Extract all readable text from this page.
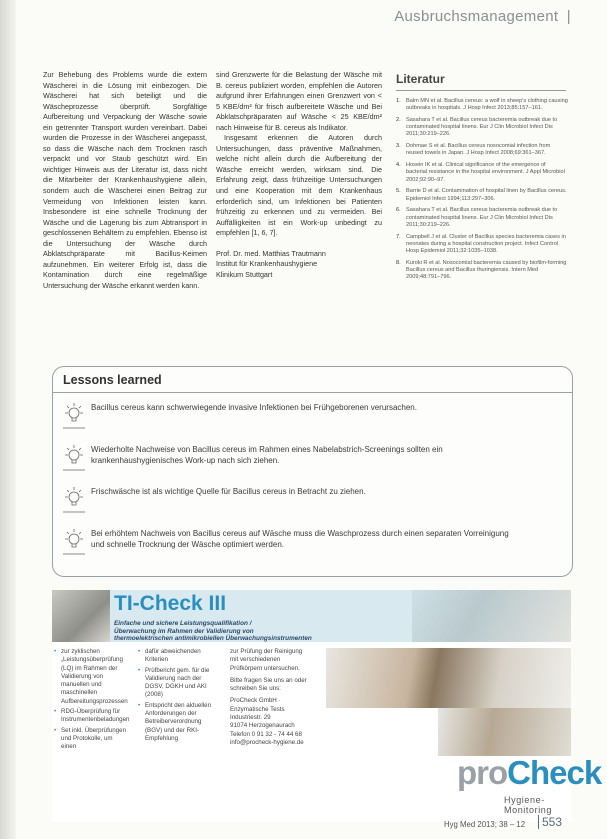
Ausbruchsmanagement |

Zur Behebung des Problems wurde die extern Wäscherei in die Lösung mit einbezogen. Die Wäscherei hat sich beteiligt und die Wäscheprozesse überprüft. Sorgfältige Aufbereitung und Verpackung der Wäsche sowie ein getrennter Transport wurden vereinbart. Dabei wurden die Prozesse in der Wäscherei angepasst, so dass die Wäsche nach dem Trocknen rasch verpackt und vor Staub geschützt wird. Ein wichtiger Hinweis aus der Literatur ist, dass nicht die Mitarbeiter der Krankenhaushygiene allein, sondern auch die Wäscherei einen Beitrag zur Vermeidung von Infektionen leisten kann. Insbesondere ist eine schnelle Trocknung der Wäsche und die Lagerung bis zum Abtransport in geschlossenen Behältern zu empfehlen. Ebenso ist die Untersuchung der Wäsche durch Abklatschpräparate mit Bacillus-Keimen aufzunehmen. Ein weiterer Erfolg ist, dass die Kontamination durch eine regelmäßige Untersuchung der Wäsche erkannt werden kann.

sind Grenzwerte für die Belastung der Wäsche mit B. cereus publiziert worden, empfehlen die Autoren aufgrund ihrer Erfahrungen einen Grenzwert von < 5 KBE/dm² für frisch aufbereitete Wäsche und Bei Abklatschpräparaten auf Wäsche < 25 KBE/dm² nach Hinweise für B. cereus als Indikator.

Insgesamt erkennen die Autoren durch Untersuchungen, dass präventive Maßnahmen, welche nicht allein durch die Aufbereitung der Wäsche erreicht werden, wirksam sind. Die Erfahrung zeigt, dass frühzeitige Untersuchungen und eine Kooperation mit dem Krankenhaus erforderlich sind, um Infektionen bei Patienten frühzeitig zu erkennen und zu vermeiden. Bei Auffälligkeiten ist ein Work-up unbedingt zu empfehlen [1, 6, 7].

Prof. Dr. med. Matthias Trautmann
Institut für Krankenhaushygiene
Klinikum Stuttgart
Literatur
1. Balm MN et al. Bacillus cereus: a wolf in sheep's clothing causing outbreaks in hospitals. J Hosp Infect 2013;85:157–161.
2. Sasahara T et al. Bacillus cereus bacteremia outbreak due to contaminated hospital linens. Eur J Clin Microbiol Infect Dis 2011;30:219–226.
3. Dohmae S et al. Bacillus cereus nosocomial infection from reused towels in Japan. J Hosp Infect 2008;69:361–367.
4. Hosein IK et al. Clinical significance of the emergence of bacterial resistance in the hospital environment. J Appl Microbiol 2002;92:90–97.
5. Barrie D et al. Contamination of hospital linen by Bacillus cereus. Epidemiol Infect 1994;113:297–306.
6. Sasahara T et al. Bacillus cereus bacteremia outbreak due to contaminated hospital linens. Eur J Clin Microbiol Infect Dis 2011;30:219–226.
7. Campbell J et al. Cluster of Bacillus species bacteremia cases in neonates during a hospital construction project. Infect Control Hosp Epidemiol 2011;32:1035–1038.
8. Kuroki R et al. Nosocomial bacteremia caused by biofilm-forming Bacillus cereus and Bacillus thuringiensis. Intern Med 2009;48:791–796.
Lessons learned
Bacillus cereus kann schwerwiegende invasive Infektionen bei Frühgeborenen verursachen.
Wiederholte Nachweise von Bacillus cereus im Rahmen eines Nabelabstrich-Screenings sollten ein krankenhaushygienisches Work-up nach sich ziehen.
Frischwäsche ist als wichtige Quelle für Bacillus cereus in Betracht zu ziehen.
Bei erhöhtem Nachweis von Bacillus cereus auf Wäsche muss die Waschprozess durch einen separaten Vorreinigung und schnelle Trocknung der Wäsche optimiert werden.
TI-Check III
Einfache und sichere Leistungsqualifikation /
Überwachung im Rahmen der Validierung von
thermoelektrischen antimikrobiellen Überwachungsinstrumenten
• zur zyklischen „Leistungsüberprüfung (LQ) im Rahmen der Validierung von manuellen und maschinellen Aufbereitungsprozessen
• RDG-Überprüfung für Instrumentenbeladungen
• Set inkl. Überprüfungen und Protokolle, um einen
• dafür abweichenden Kriterien
• Prüfbericht gem. für die Validierung nach der DGSV, DGKH und AKI (2008)
• Entspricht den aktuellen Anforderungen der Betreiberverordnung (BGV) und der RKI-Empfehlung
zur Prüfung der Reinigung mit verschiedenen Prüfkörpern untersuchen.
Bitte fragen Sie uns an oder schreiben Sie uns:
ProCheck GmbH · Enzymatische Tests
Industriestr. 29
91074 Herzogenaurach
Telefon 0 91 32 - 74 44 68
info@procheck-hygiene.de
proCheck
Hygiene-Monitoring
Hyg Med 2013; 38 – 12	553
